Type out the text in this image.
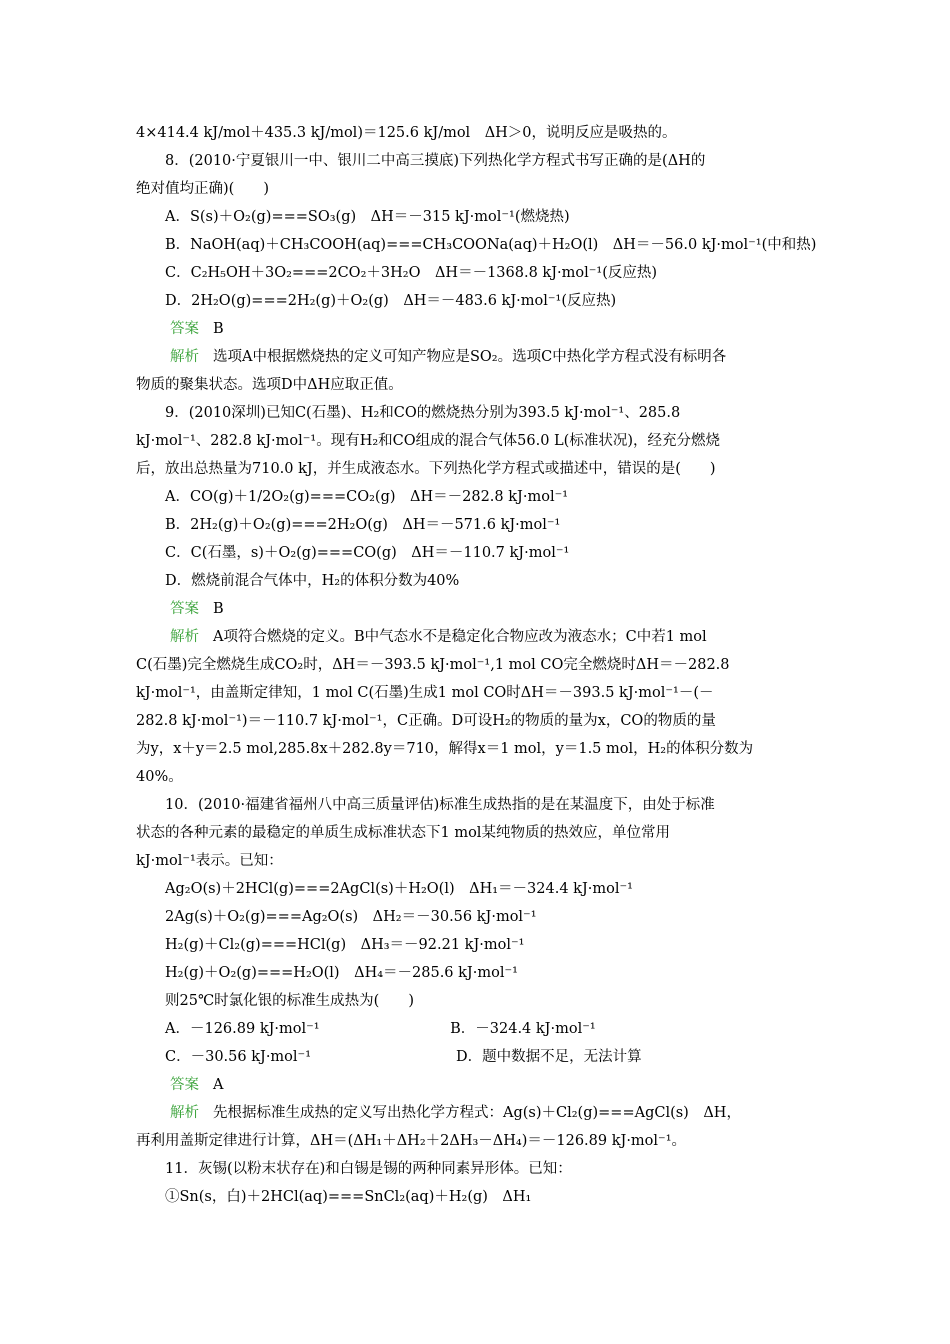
4×414.4 kJ/mol＋435.3 kJ/mol)＝125.6 kJ/mol　ΔH＞0，说明反应是吸热的。
　　8．(2010·宁夏银川一中、银川二中高三摸底)下列热化学方程式书写正确的是(ΔH的
绝对值均正确)(　　)
　　A．S(s)＋O₂(g)===SO₃(g)　ΔH＝－315 kJ·mol⁻¹(燃烧热)
　　B．NaOH(aq)＋CH₃COOH(aq)===CH₃COONa(aq)＋H₂O(l)　ΔH＝－56.0 kJ·mol⁻¹(中和热)
　　C．C₂H₅OH＋3O₂===2CO₂＋3H₂O　ΔH＝－1368.8 kJ·mol⁻¹(反应热)
　　D．2H₂O(g)===2H₂(g)＋O₂(g)　ΔH＝－483.6 kJ·mol⁻¹(反应热)
答案 B
解析 选项A中根据燃烧热的定义可知产物应是SO₂。选项C中热化学方程式没有标明各
物质的聚集状态。选项D中ΔH应取正值。
　　9．(2010深圳)已知C(石墨)、H₂和CO的燃烧热分别为393.5 kJ·mol⁻¹、285.8
kJ·mol⁻¹、282.8 kJ·mol⁻¹。现有H₂和CO组成的混合气体56.0 L(标准状况)，经充分燃烧
后，放出总热量为710.0 kJ，并生成液态水。下列热化学方程式或描述中，错误的是(　　)
　　A．CO(g)＋1/2O₂(g)===CO₂(g)　ΔH＝－282.8 kJ·mol⁻¹
　　B．2H₂(g)＋O₂(g)===2H₂O(g)　ΔH＝－571.6 kJ·mol⁻¹
　　C．C(石墨，s)＋O₂(g)===CO(g)　ΔH＝－110.7 kJ·mol⁻¹
　　D．燃烧前混合气体中，H₂的体积分数为40%
答案 B
解析 A项符合燃烧的定义。B中气态水不是稳定化合物应改为液态水；C中若1 mol
C(石墨)完全燃烧生成CO₂时，ΔH＝－393.5 kJ·mol⁻¹,1 mol CO完全燃烧时ΔH＝－282.8
kJ·mol⁻¹，由盖斯定律知，1 mol C(石墨)生成1 mol CO时ΔH＝－393.5 kJ·mol⁻¹－(－
282.8 kJ·mol⁻¹)＝－110.7 kJ·mol⁻¹，C正确。D可设H₂的物质的量为x，CO的物质的量
为y，x＋y＝2.5 mol,285.8x＋282.8y＝710，解得x＝1 mol，y＝1.5 mol，H₂的体积分数为
40%。
　　10．(2010·福建省福州八中高三质量评估)标准生成热指的是在某温度下，由处于标准
状态的各种元素的最稳定的单质生成标准状态下1 mol某纯物质的热效应，单位常用
kJ·mol⁻¹表示。已知：
　　Ag₂O(s)＋2HCl(g)===2AgCl(s)＋H₂O(l)　ΔH₁＝－324.4 kJ·mol⁻¹
　　2Ag(s)＋O₂(g)===Ag₂O(s)　ΔH₂＝－30.56 kJ·mol⁻¹
　　H₂(g)＋Cl₂(g)===HCl(g)　ΔH₃＝－92.21 kJ·mol⁻¹
　　H₂(g)＋O₂(g)===H₂O(l)　ΔH₄＝－285.6 kJ·mol⁻¹
　　则25℃时氯化银的标准生成热为(　　)
　　A．－126.89 kJ·mol⁻¹　　　　　　　　　B．－324.4 kJ·mol⁻¹
　　C．－30.56 kJ·mol⁻¹　　　　　　　　　　D．题中数据不足，无法计算
答案 A
解析 先根据标准生成热的定义写出热化学方程式：Ag(s)＋Cl₂(g)===AgCl(s)　ΔH，
再利用盖斯定律进行计算，ΔH＝(ΔH₁＋ΔH₂＋2ΔH₃－ΔH₄)＝－126.89 kJ·mol⁻¹。
　　11．灰锡(以粉末状存在)和白锡是锡的两种同素异形体。已知：
　　①Sn(s，白)＋2HCl(aq)===SnCl₂(aq)＋H₂(g)　ΔH₁
